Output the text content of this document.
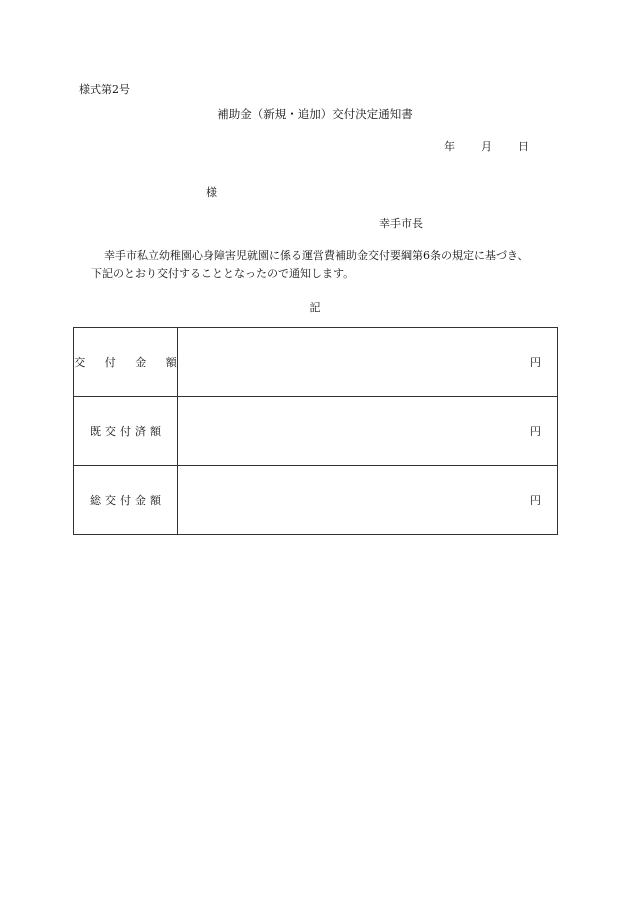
様式第2号
補助金（新規・追加）交付決定通知書
年 月 日
様
幸手市長
幸手市私立幼稚園心身障害児就園に係る運営費補助金交付要綱第6条の規定に基づき、
下記のとおり交付することとなったので通知します。
記
交 付 金 額	円
既交付済額	円
総交付金額	円
